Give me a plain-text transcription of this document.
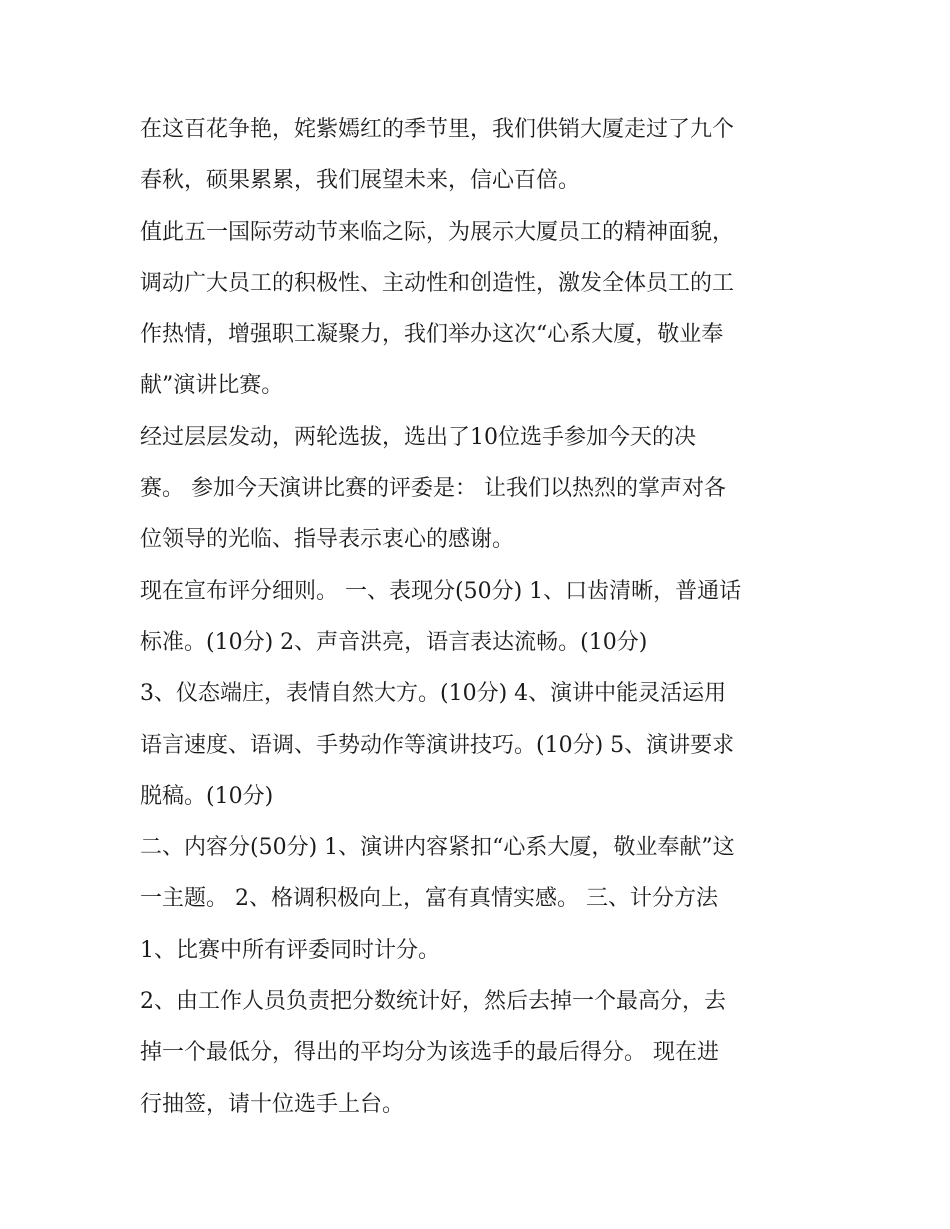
在这百花争艳，姹紫嫣红的季节里，我们供销大厦走过了九个
春秋，硕果累累，我们展望未来，信心百倍。
值此五一国际劳动节来临之际，为展示大厦员工的精神面貌，
调动广大员工的积极性、主动性和创造性，激发全体员工的工
作热情，增强职工凝聚力，我们举办这次“心系大厦，敬业奉
献”演讲比赛。
经过层层发动，两轮选拔，选出了10位选手参加今天的决
赛。 参加今天演讲比赛的评委是： 让我们以热烈的掌声对各
位领导的光临、指导表示衷心的感谢。
现在宣布评分细则。 一、表现分(50分) 1、口齿清晰，普通话
标准。(10分) 2、声音洪亮，语言表达流畅。(10分)
3、仪态端庄，表情自然大方。(10分) 4、演讲中能灵活运用
语言速度、语调、手势动作等演讲技巧。(10分) 5、演讲要求
脱稿。(10分)
二、内容分(50分) 1、演讲内容紧扣“心系大厦，敬业奉献”这
一主题。 2、格调积极向上，富有真情实感。 三、计分方法
1、比赛中所有评委同时计分。
2、由工作人员负责把分数统计好，然后去掉一个最高分，去
掉一个最低分，得出的平均分为该选手的最后得分。 现在进
行抽签，请十位选手上台。
